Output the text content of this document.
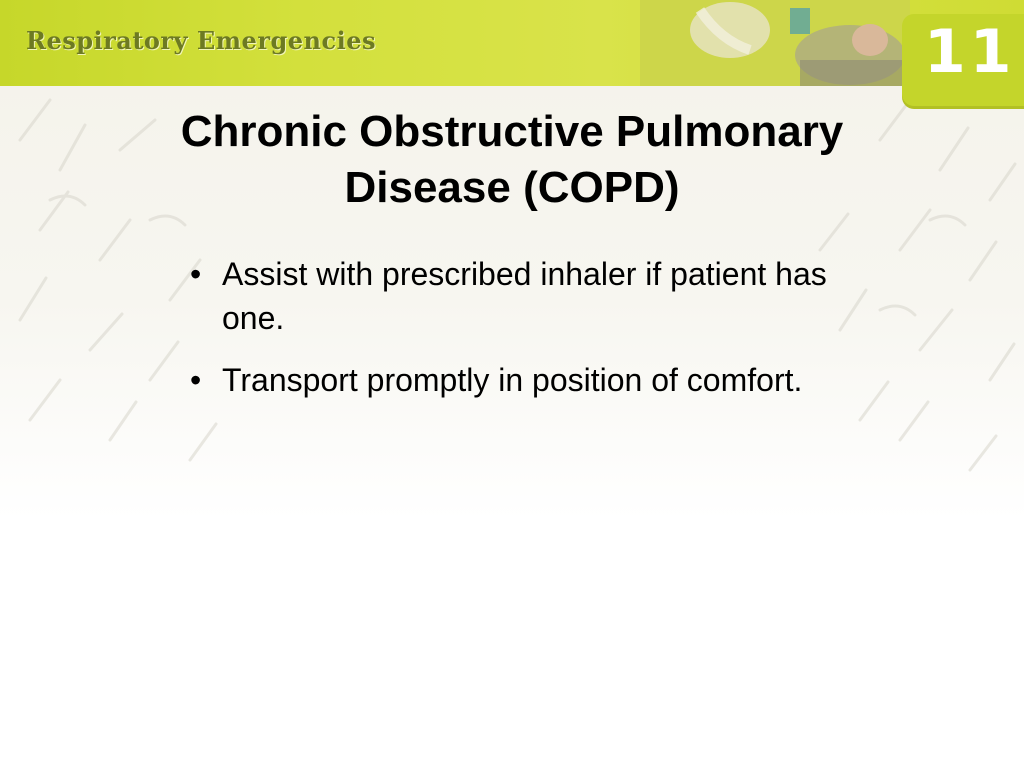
Respiratory Emergencies	11
Chronic Obstructive Pulmonary Disease (COPD)
• Assist with prescribed inhaler if patient has one.
• Transport promptly in position of comfort.
